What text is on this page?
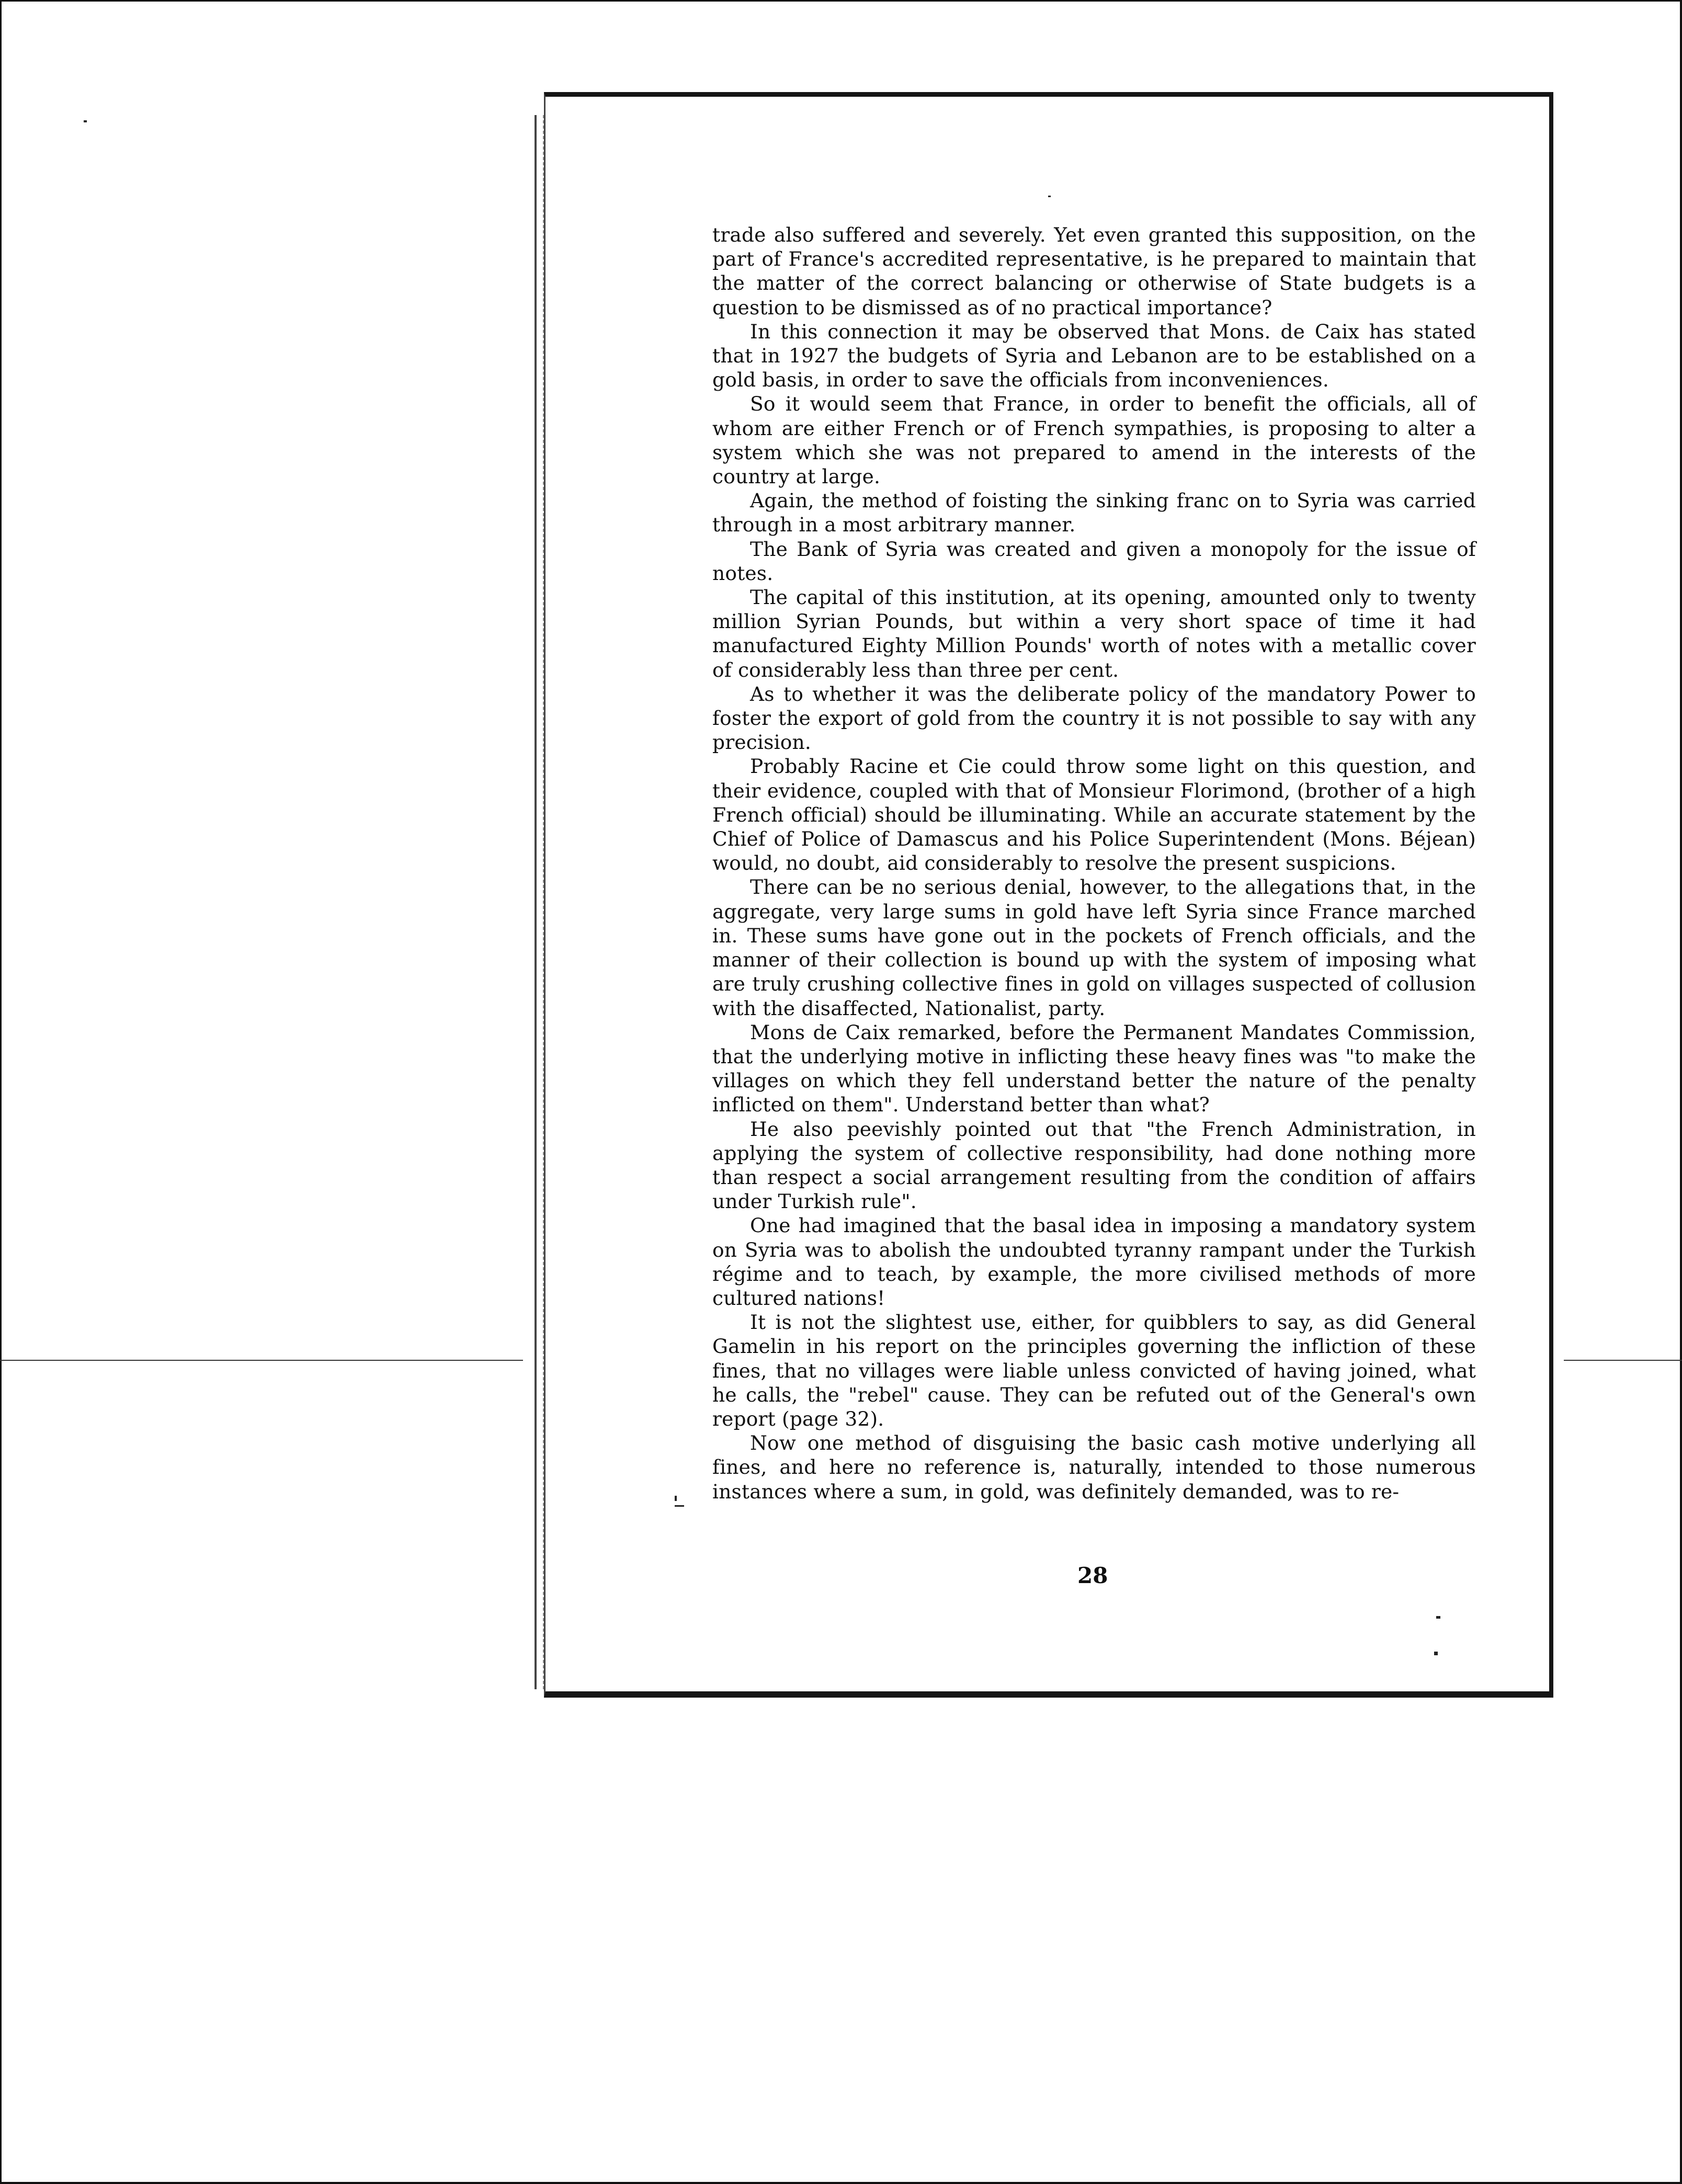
trade also suffered and severely. Yet even granted this supposition, on the part of France's accredited representative, is he prepared to maintain that the matter of the correct balancing or otherwise of State budgets is a question to be dismissed as of no practical importance?

In this connection it may be observed that Mons. de Caix has stated that in 1927 the budgets of Syria and Lebanon are to be established on a gold basis, in order to save the officials from inconveniences.

So it would seem that France, in order to benefit the officials, all of whom are either French or of French sympathies, is proposing to alter a system which she was not prepared to amend in the interests of the country at large.

Again, the method of foisting the sinking franc on to Syria was carried through in a most arbitrary manner.

The Bank of Syria was created and given a monopoly for the issue of notes.

The capital of this institution, at its opening, amounted only to twenty million Syrian Pounds, but within a very short space of time it had manufactured Eighty Million Pounds' worth of notes with a metallic cover of considerably less than three per cent.

As to whether it was the deliberate policy of the mandatory Power to foster the export of gold from the country it is not possible to say with any precision.

Probably Racine et Cie could throw some light on this question, and their evidence, coupled with that of Monsieur Florimond, (brother of a high French official) should be illuminating. While an accurate statement by the Chief of Police of Damascus and his Police Superintendent (Mons. Béjean) would, no doubt, aid considerably to resolve the present suspicions.

There can be no serious denial, however, to the allegations that, in the aggregate, very large sums in gold have left Syria since France marched in. These sums have gone out in the pockets of French officials, and the manner of their collection is bound up with the system of imposing what are truly crushing collective fines in gold on villages suspected of collusion with the disaffected, Nationalist, party.

Mons de Caix remarked, before the Permanent Mandates Commission, that the underlying motive in inflicting these heavy fines was "to make the villages on which they fell understand better the nature of the penalty inflicted on them". Understand better than what?

He also peevishly pointed out that "the French Administration, in applying the system of collective responsibility, had done nothing more than respect a social arrangement resulting from the condition of affairs under Turkish rule".

One had imagined that the basal idea in imposing a mandatory system on Syria was to abolish the undoubted tyranny rampant under the Turkish régime and to teach, by example, the more civilised methods of more cultured nations!

It is not the slightest use, either, for quibblers to say, as did General Gamelin in his report on the principles governing the infliction of these fines, that no villages were liable unless convicted of having joined, what he calls, the "rebel" cause. They can be refuted out of the General's own report (page 32).

Now one method of disguising the basic cash motive underlying all fines, and here no reference is, naturally, intended to those numerous instances where a sum, in gold, was definitely demanded, was to re-

28
